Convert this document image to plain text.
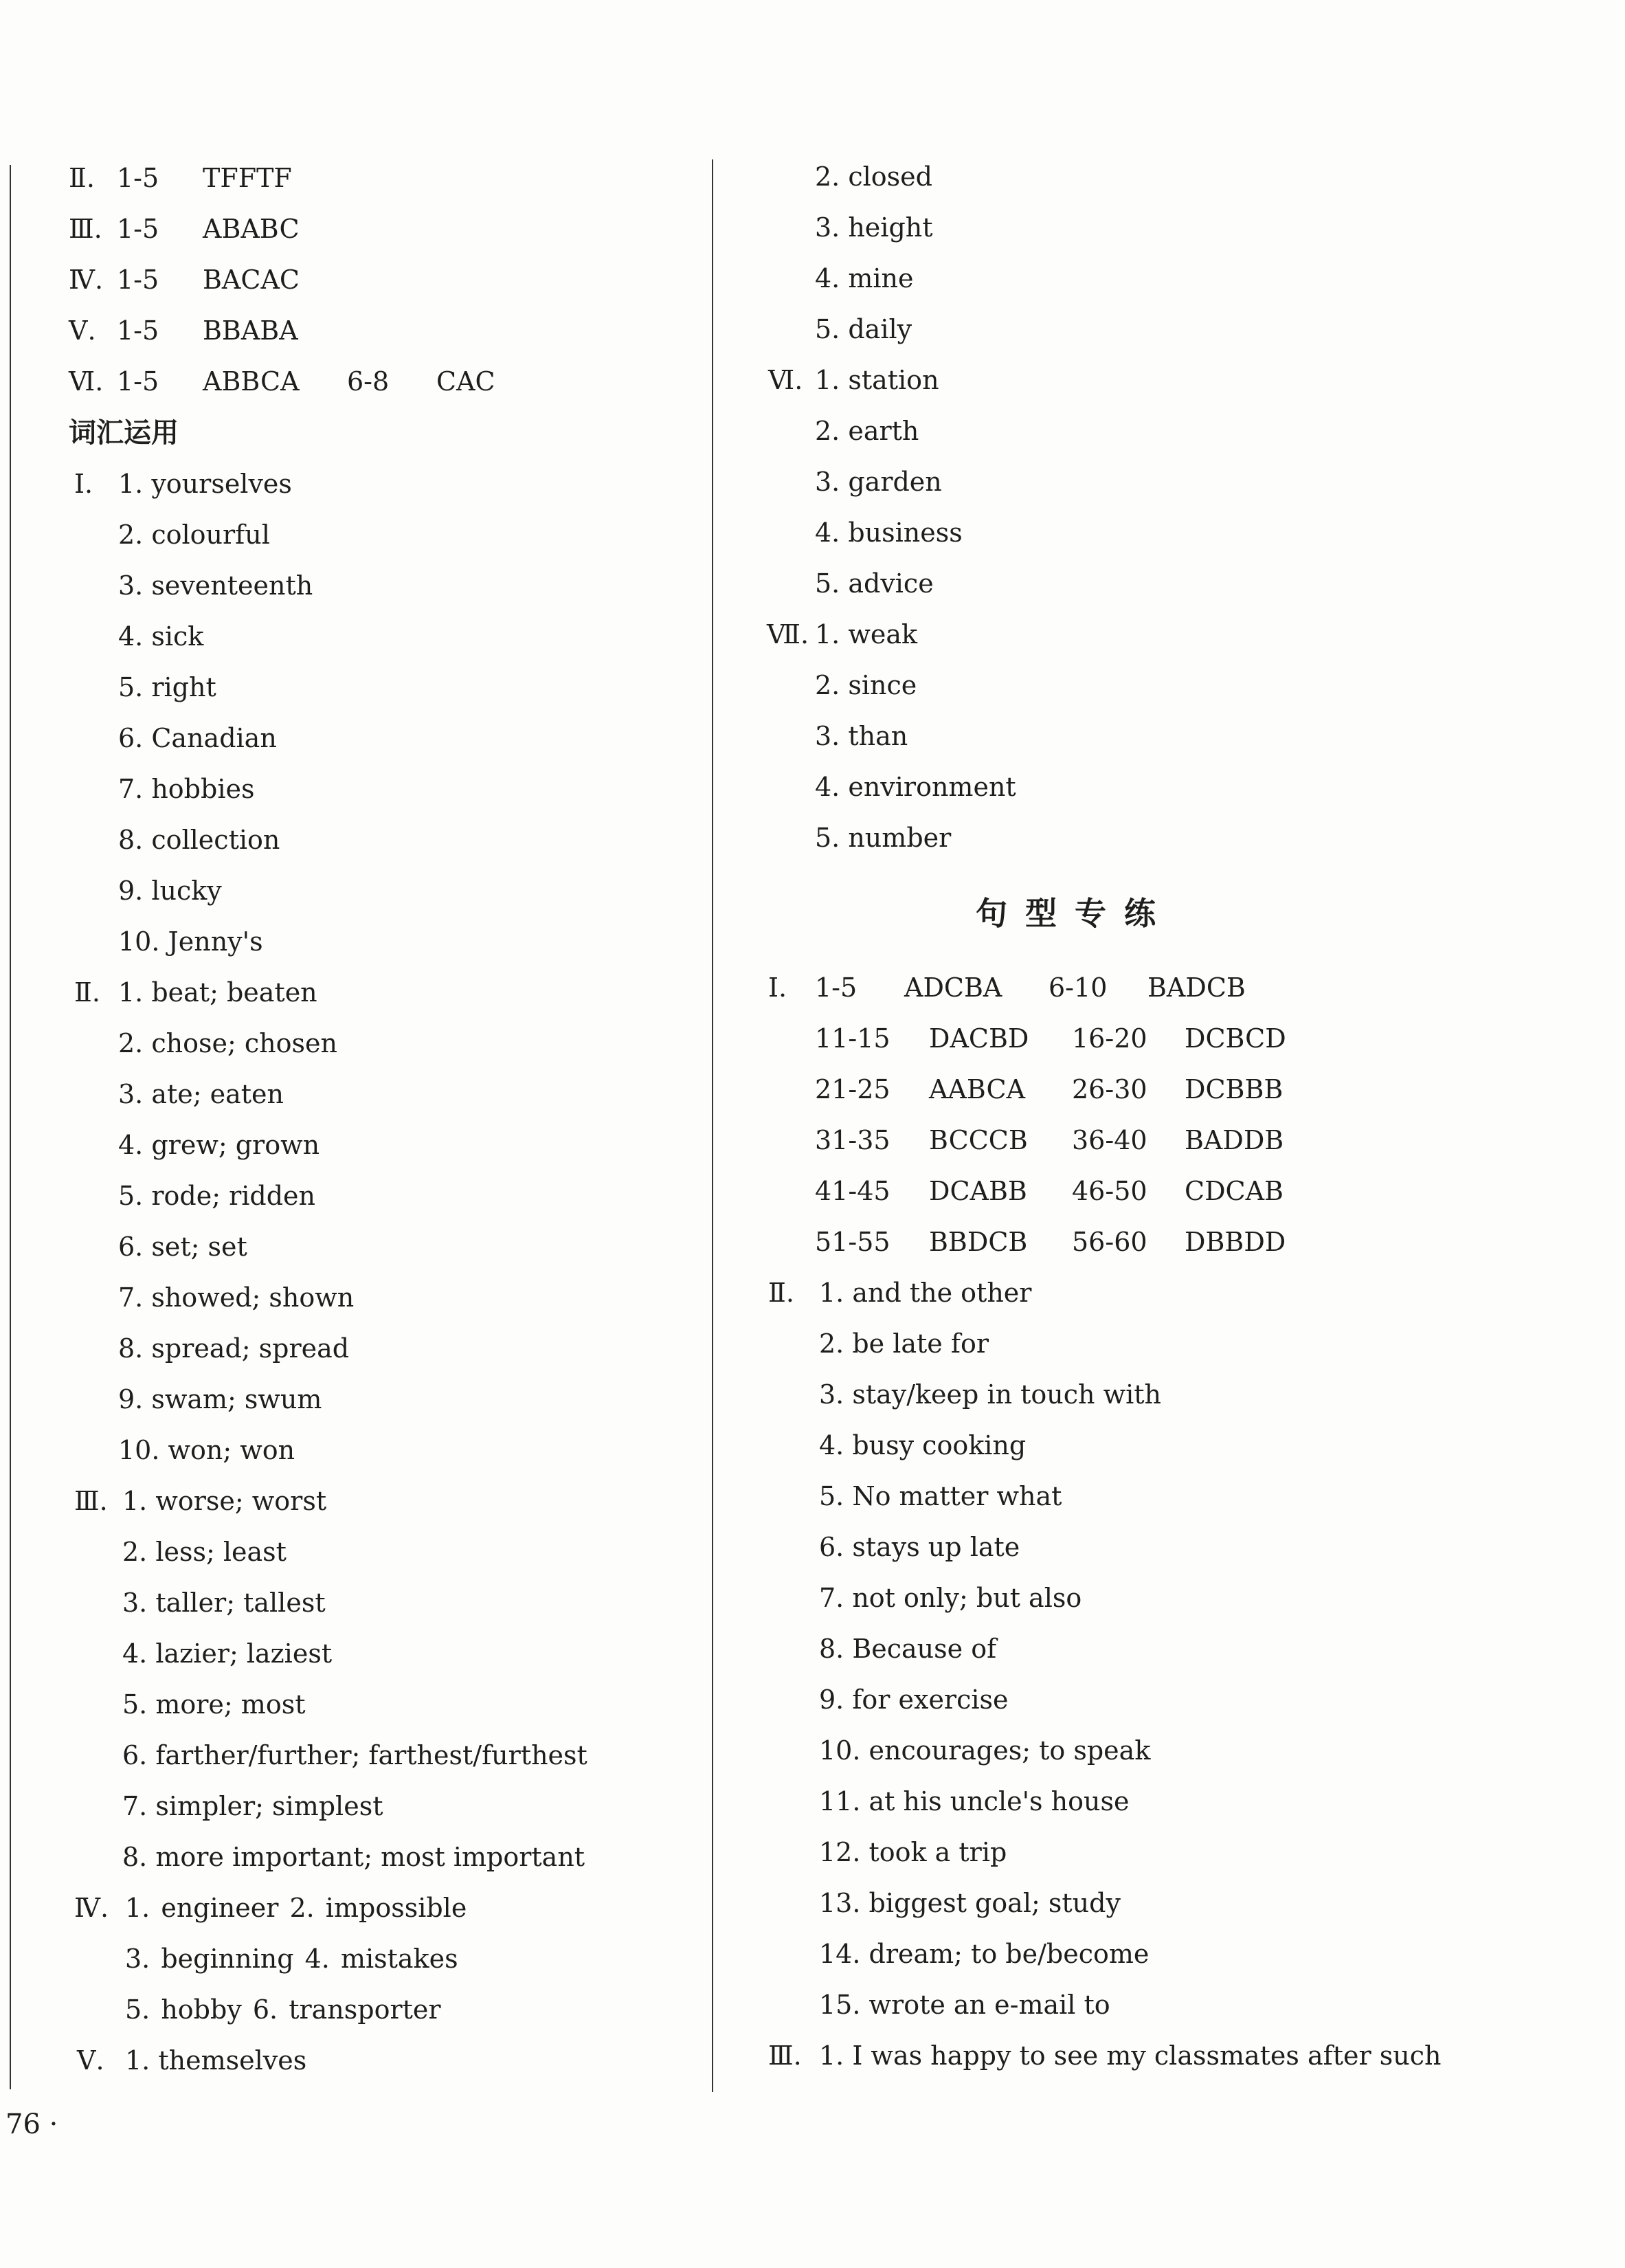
Ⅱ. 1-5 TFFTF
Ⅲ. 1-5 ABABC
Ⅳ. 1-5 BACAC
Ⅴ. 1-5 BBABA
Ⅵ. 1-5 ABBCA 6-8 CAC
词汇运用
Ⅰ. 1. yourselves
2. colourful
3. seventeenth
4. sick
5. right
6. Canadian
7. hobbies
8. collection
9. lucky
10. Jenny's
Ⅱ. 1. beat; beaten
2. chose; chosen
3. ate; eaten
4. grew; grown
5. rode; ridden
6. set; set
7. showed; shown
8. spread; spread
9. swam; swum
10. won; won
Ⅲ. 1. worse; worst
2. less; least
3. taller; tallest
4. lazier; laziest
5. more; most
6. farther/further; farthest/furthest
7. simpler; simplest
8. more important; most important
Ⅳ. 1. engineer 2. impossible
3. beginning 4. mistakes
5. hobby 6. transporter
Ⅴ. 1. themselves
2. closed
3. height
4. mine
5. daily
Ⅵ. 1. station
2. earth
3. garden
4. business
5. advice
Ⅶ. 1. weak
2. since
3. than
4. environment
5. number
句型专练
Ⅰ. 1-5 ADCBA 6-10 BADCB
11-15 DACBD 16-20 DCBCD
21-25 AABCA 26-30 DCBBB
31-35 BCCCB 36-40 BADDB
41-45 DCABB 46-50 CDCAB
51-55 BBDCB 56-60 DBBDD
Ⅱ. 1. and the other
2. be late for
3. stay/keep in touch with
4. busy cooking
5. No matter what
6. stays up late
7. not only; but also
8. Because of
9. for exercise
10. encourages; to speak
11. at his uncle's house
12. took a trip
13. biggest goal; study
14. dream; to be/become
15. wrote an e-mail to
Ⅲ. 1. I was happy to see my classmates after such
76 ·
